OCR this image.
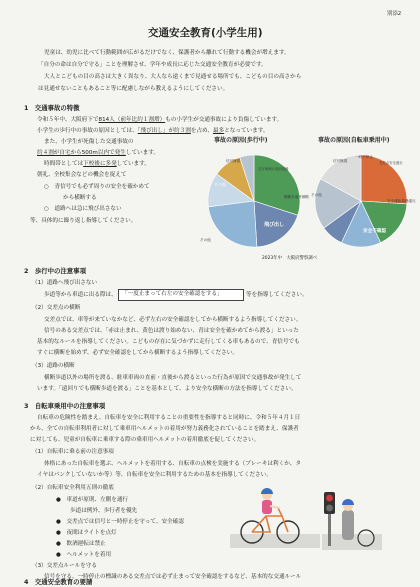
別添2
交通安全教育(小学生用)
児童は、幼児に比べて行動範囲が広がるだけでなく、保護者から離れて行動する機会が増えます。
「自分の命は自分で守る」ことを理解させ、学年や成長に応じた交通安全教育が必要です。
大人とこどもの目の高さは大きく異なり、大人なら遠くまで見通せる場所でも、こどもの目の高さから
は見通せないこともあること等に配慮しながら教えるようにしてください。
1　交通事故の特徴
令和５年中、大阪府下で814人（前年比約１割増）もの小学生が交通事故により負傷しています。
小学生の歩行中の事故の原因としては、「飛び出し」が約３割を占め、最多となっています。
また、小学生が死傷した交通事故の
約４割が自宅から500m以内で発生しています。
時間帯としては下校後に多発しています。
朝礼、全校集会などの機会を捉えて
○　青信号でも必ず周りの安全を確かめて
から横断する
○　道路へは急に飛び出さない
等、具体的に繰り返し指導してください。
事故の原因(歩行中)	事故の原因(自転車乗用中)
その他
走行車両の直前直後
横断歩道外横断
飛び出し
信号無視
その他
信号無視
一時不停止
交差点安全進行
安全不確認
安全運転義務違反
その他
2023年中　大阪府警察調べ
2　歩行中の注意事項
（1）道路へ飛び出さない
歩道等から車道に出る際は、 「一度止まって右左の安全確認をする」	等を指導してください。
（2）交差点の横断
交差点では、車等が来ていなかなど、必ず左右の安全確認をしてから横断するよう指導してください。
信号のある交差点では、「赤は止まれ、黄色は渡り始めない、青は安全を確かめてから渡る」といった
基本的なルールを指導してください。こどもの存在に気づかずに走行してくる車もあるので、青信号でも
すぐに横断を始めず、必ず安全確認をしてから横断するよう指導してください。
（3）道路の横断
横断歩道以外の場所を渡る、駐車車両の直前・直後から渡るといった行為が原因で交通事故が発生して
います。「遠回りでも横断歩道を渡る」ことを基本として、より安全な横断の方法を指導してください。
3　自転車乗用中の注意事項
自転車の危険性を踏まえ、自転車を安全に利用することの重要性を指導すると同時に、令和５年４月１日
から、全ての自転車利用者に対して乗車用ヘルメットの着用が努力義務化されていることを踏まえ、保護者
に対しても、児童が自転車に乗車する際の乗車用ヘルメットの着用徹底を促してください。
（1）自転車に乗る前の注意事項
体格にあった自転車を選ぶ、ヘルメットを着用する、自転車の点検を実施する（ブレーキは利くか、タ
イヤはパンクしていないか等）等、自転車を安全に利用するための基本を指導してください。
（2）自転車安全利用五則の徹底
●　車道が原則、左側を通行
歩道は例外、歩行者を優先
●　交差点では信号と一時停止を守って、安全確認
●　夜間はライトを点灯
●　飲酒運転は禁止
●　ヘルメットを着用
（3）交差点ルールを守る
信号を守る、一時停止の標識のある交差点では必ず止まって安全確認をするなど、基本的な交通ルール
4　交通安全教育の要請
